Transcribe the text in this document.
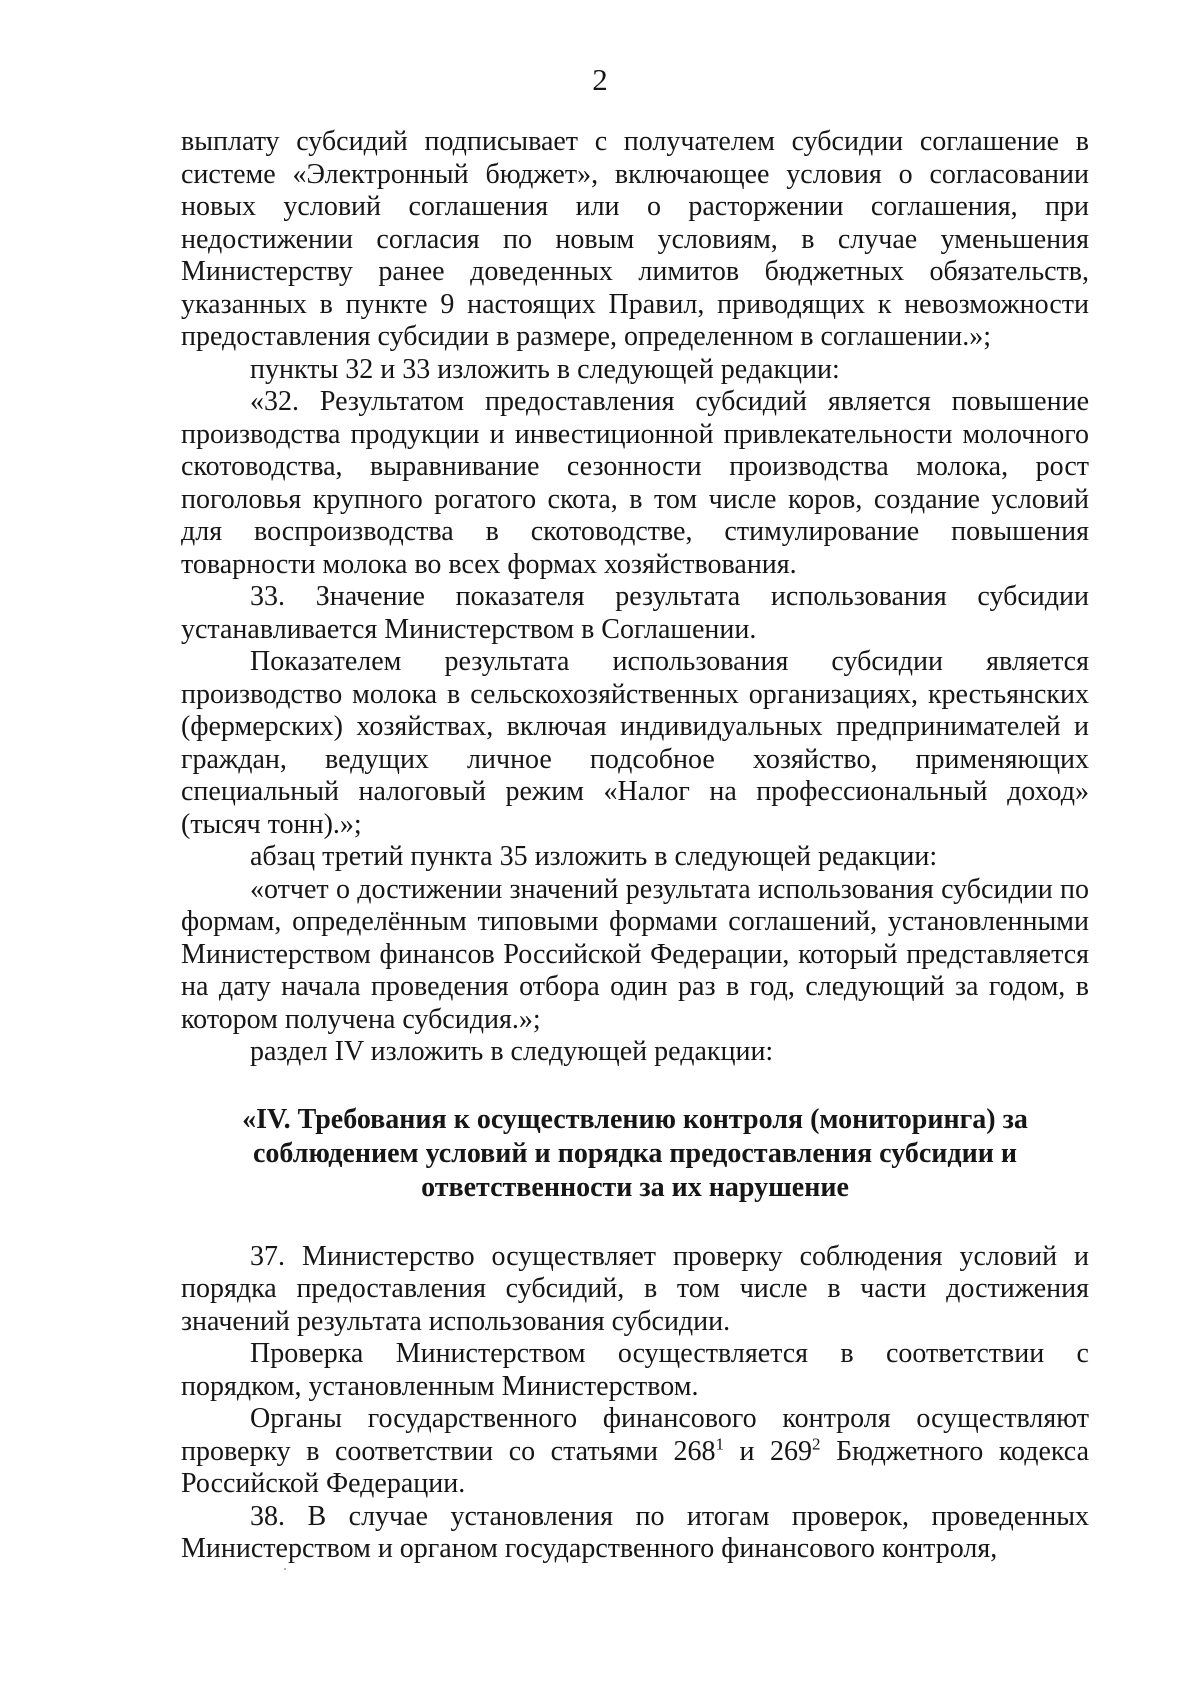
2

выплату субсидий подписывает с получателем субсидии соглашение в системе «Электронный бюджет», включающее условия о согласовании новых условий соглашения или о расторжении соглашения, при недостижении согласия по новым условиям, в случае уменьшения Министерству ранее доведенных лимитов бюджетных обязательств, указанных в пункте 9 настоящих Правил, приводящих к невозможности предоставления субсидии в размере, определенном в соглашении.»;

пункты 32 и 33 изложить в следующей редакции:

«32. Результатом предоставления субсидий является повышение производства продукции и инвестиционной привлекательности молочного скотоводства, выравнивание сезонности производства молока, рост поголовья крупного рогатого скота, в том числе коров, создание условий для воспроизводства в скотоводстве, стимулирование повышения товарности молока во всех формах хозяйствования.

33. Значение показателя результата использования субсидии устанавливается Министерством в Соглашении.

Показателем результата использования субсидии является производство молока в сельскохозяйственных организациях, крестьянских (фермерских) хозяйствах, включая индивидуальных предпринимателей и граждан, ведущих личное подсобное хозяйство, применяющих специальный налоговый режим «Налог на профессиональный доход» (тысяч тонн).»;

абзац третий пункта 35 изложить в следующей редакции:

«отчет о достижении значений результата использования субсидии по формам, определённым типовыми формами соглашений, установленными Министерством финансов Российской Федерации, который представляется на дату начала проведения отбора один раз в год, следующий за годом, в котором получена субсидия.»;

раздел IV изложить в следующей редакции:

«IV. Требования к осуществлению контроля (мониторинга) за
соблюдением условий и порядка предоставления субсидии и
ответственности за их нарушение

37. Министерство осуществляет проверку соблюдения условий и порядка предоставления субсидий, в том числе в части достижения значений результата использования субсидии.

Проверка Министерством осуществляется в соответствии с порядком, установленным Министерством.

Органы государственного финансового контроля осуществляют проверку в соответствии со статьями $268^1$ и $269^2$ Бюджетного кодекса Российской Федерации.

38. В случае установления по итогам проверок, проведенных Министерством и органом государственного финансового контроля,
